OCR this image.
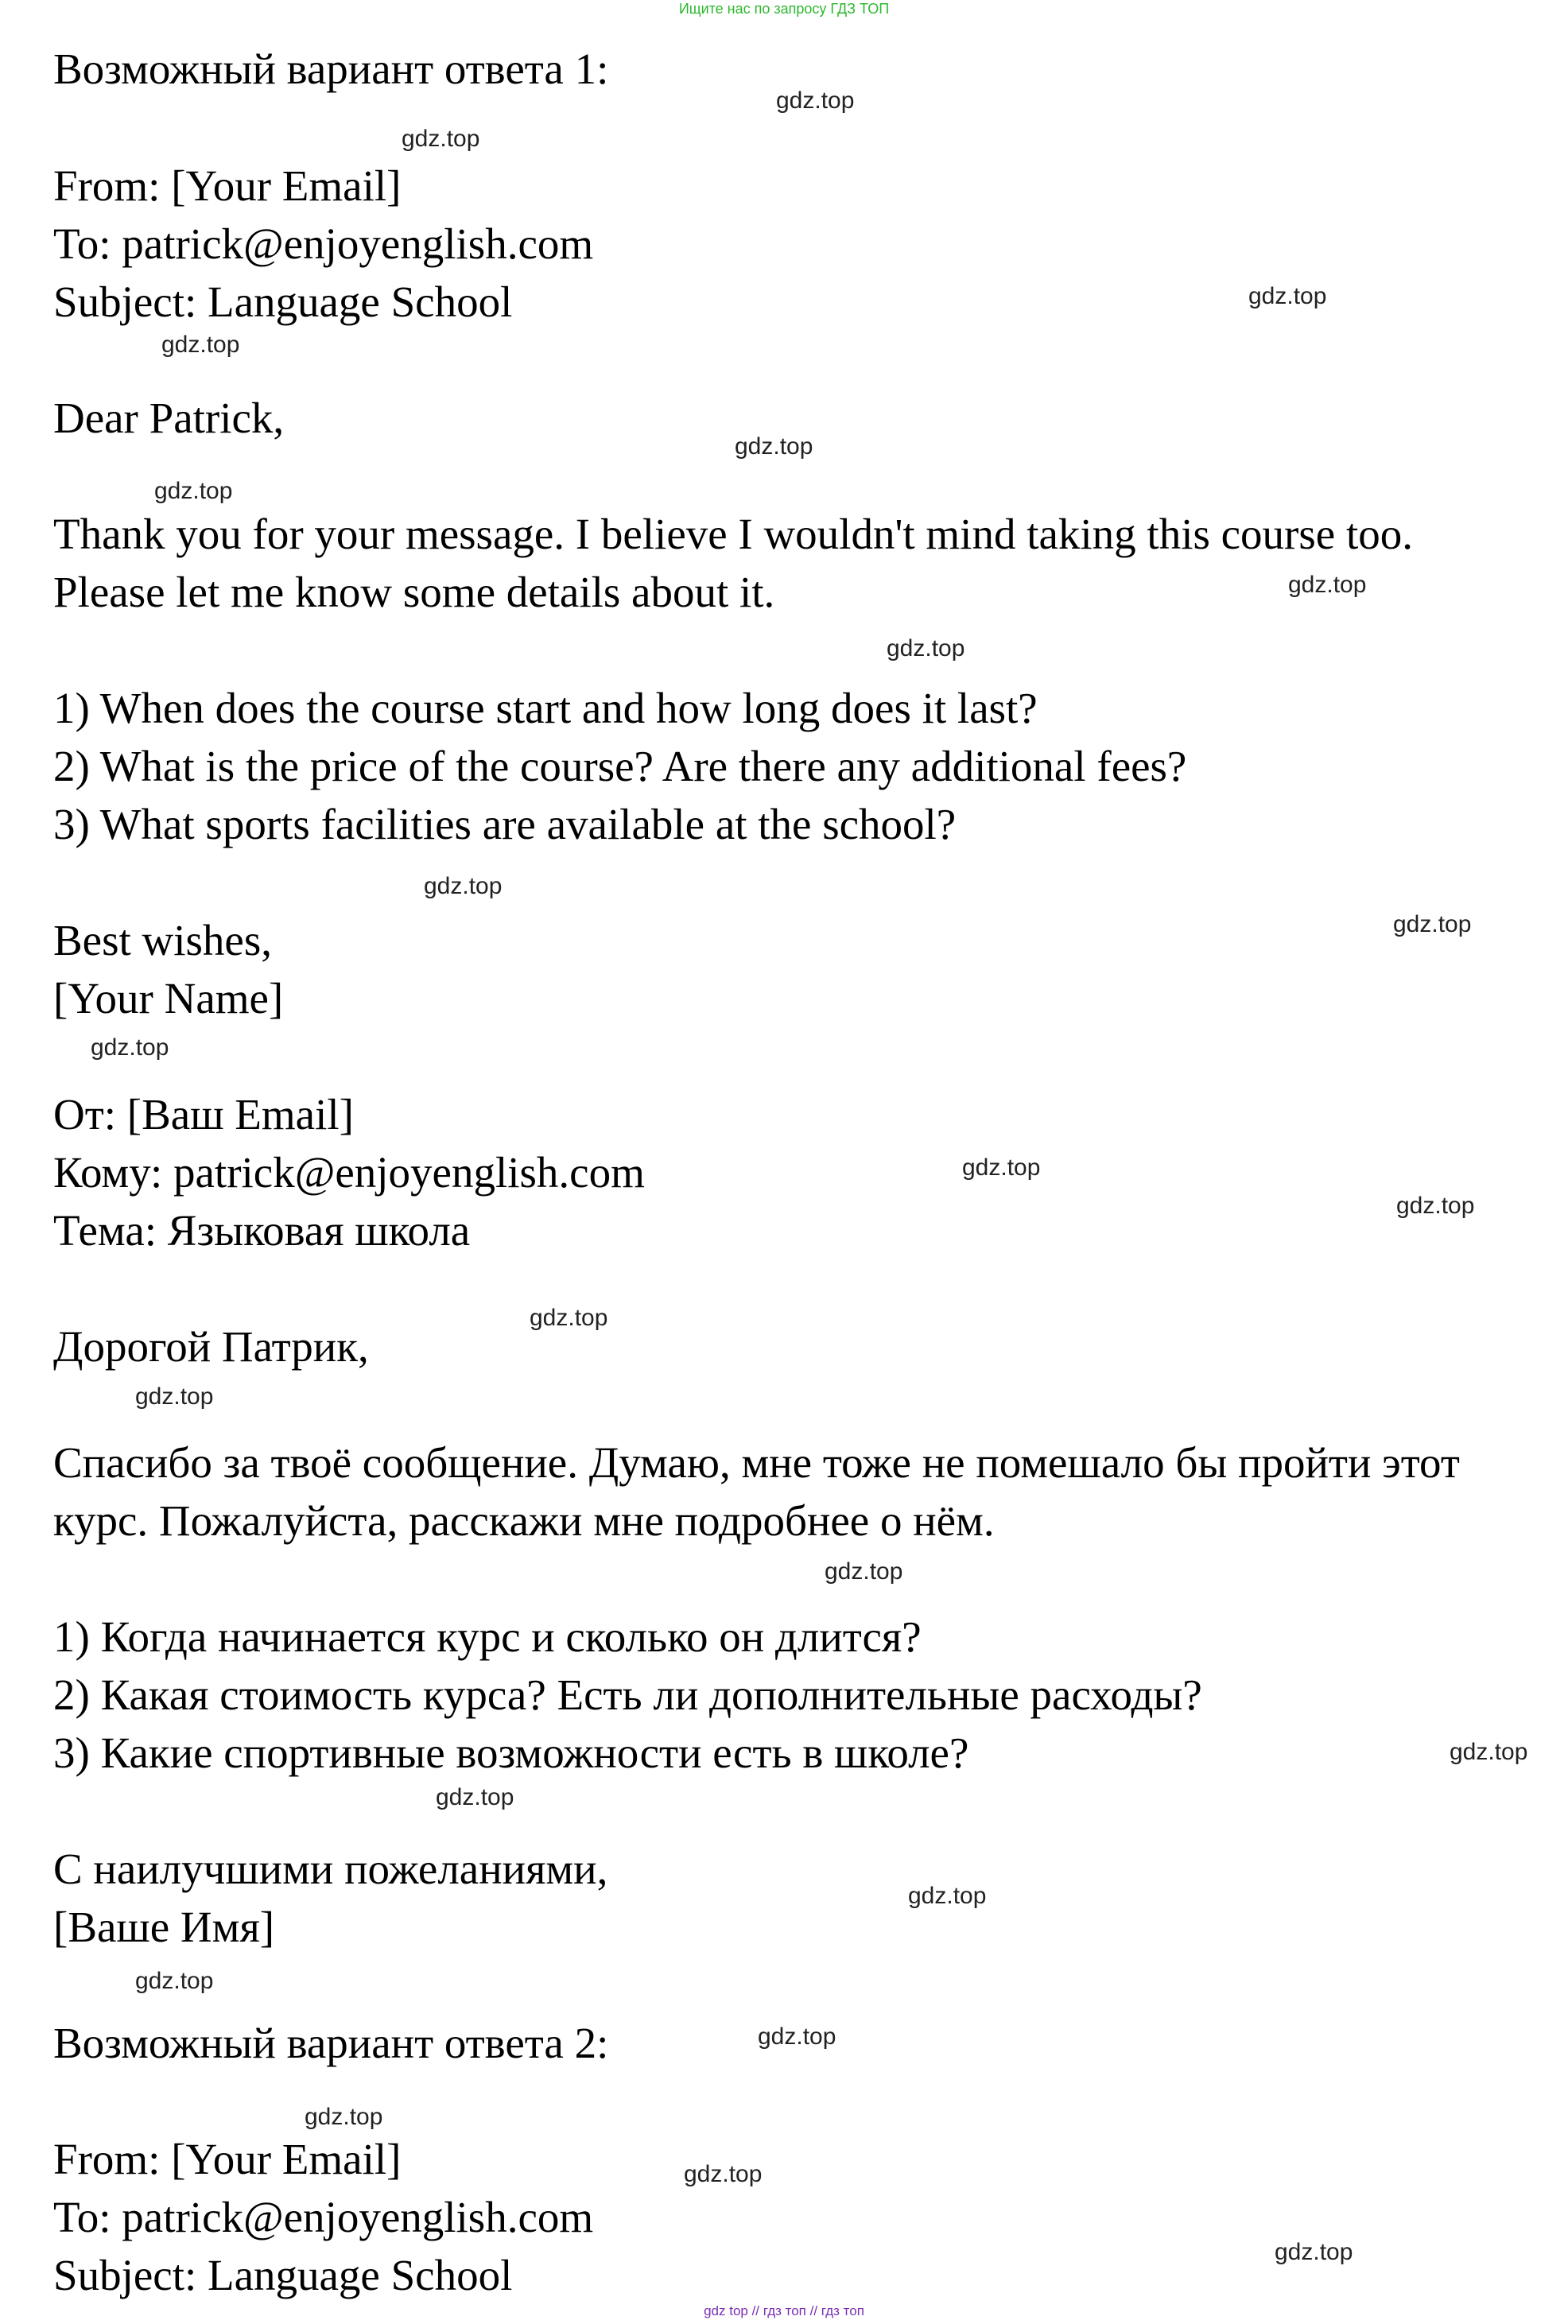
Ищите нас по запросу ГДЗ ТОП
Возможный вариант ответа 1:
From: [Your Email]
To: patrick@enjoyenglish.com
Subject: Language School
Dear Patrick,
Thank you for your message. I believe I wouldn't mind taking this course too.
Please let me know some details about it.
1) When does the course start and how long does it last?
2) What is the price of the course? Are there any additional fees?
3) What sports facilities are available at the school?
Best wishes,
[Your Name]
От: [Ваш Email]
Кому: patrick@enjoyenglish.com
Тема: Языковая школа
Дорогой Патрик,
Спасибо за твоё сообщение. Думаю, мне тоже не помешало бы пройти этот
курс. Пожалуйста, расскажи мне подробнее о нём.
1) Когда начинается курс и сколько он длится?
2) Какая стоимость курса? Есть ли дополнительные расходы?
3) Какие спортивные возможности есть в школе?
С наилучшими пожеланиями,
[Ваше Имя]
Возможный вариант ответа 2:
From: [Your Email]
To: patrick@enjoyenglish.com
Subject: Language School
gdz.top
gdz.top
gdz.top
gdz.top
gdz.top
gdz.top
gdz.top
gdz.top
gdz.top
gdz.top
gdz.top
gdz.top
gdz.top
gdz.top
gdz.top
gdz.top
gdz.top
gdz.top
gdz.top
gdz.top
gdz.top
gdz.top
gdz.top
gdz.top
gdz top // гдз топ // гдз топ
